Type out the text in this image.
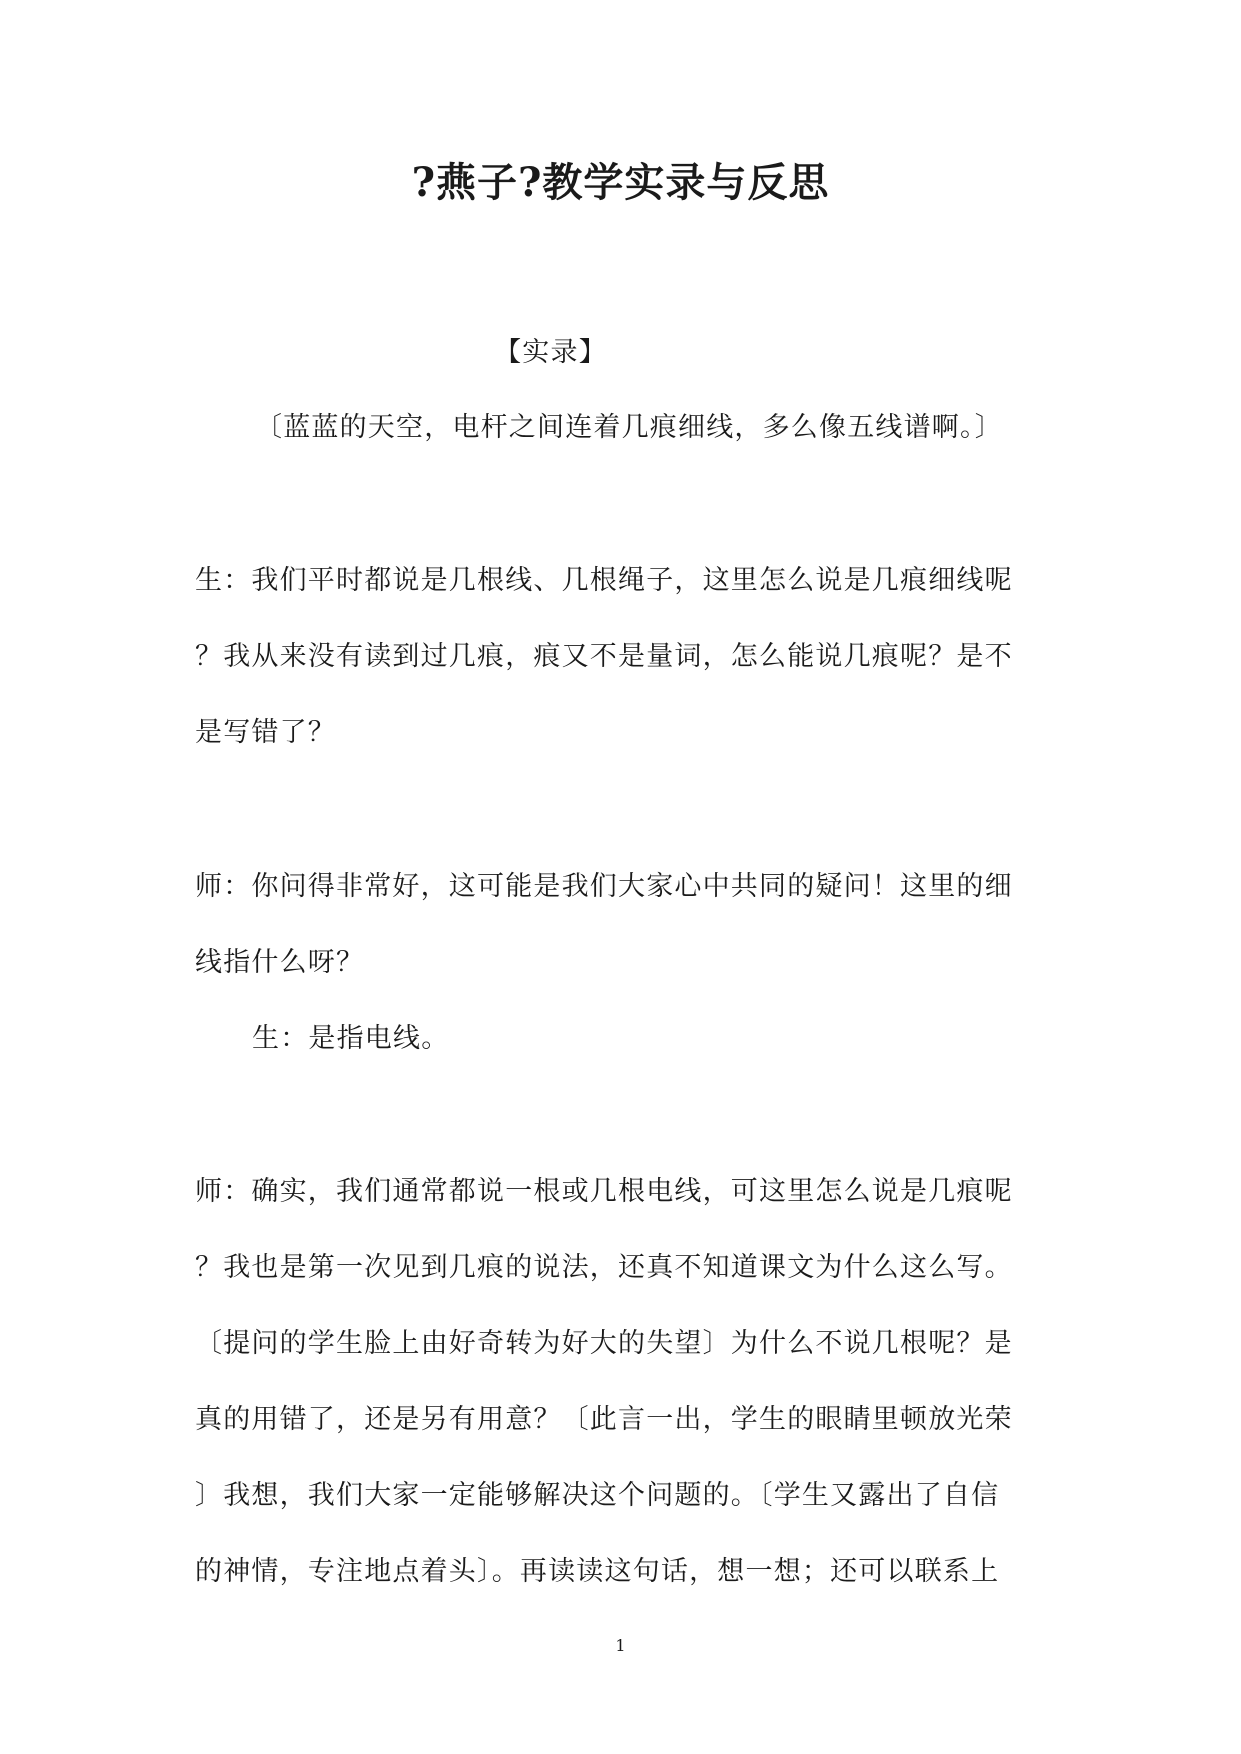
?燕子?教学实录与反思
【实录】
〔蓝蓝的天空，电杆之间连着几痕细线，多么像五线谱啊。〕
生：我们平时都说是几根线、几根绳子，这里怎么说是几痕细线呢
？我从来没有读到过几痕，痕又不是量词，怎么能说几痕呢？是不
是写错了？
师：你问得非常好，这可能是我们大家心中共同的疑问！这里的细
线指什么呀？
生：是指电线。
师：确实，我们通常都说一根或几根电线，可这里怎么说是几痕呢
？我也是第一次见到几痕的说法，还真不知道课文为什么这么写。
〔提问的学生脸上由好奇转为好大的失望〕为什么不说几根呢？是
真的用错了，还是另有用意？〔此言一出，学生的眼睛里顿放光荣
〕我想，我们大家一定能够解决这个问题的。〔学生又露出了自信
的神情，专注地点着头〕。再读读这句话，想一想；还可以联系上
1
